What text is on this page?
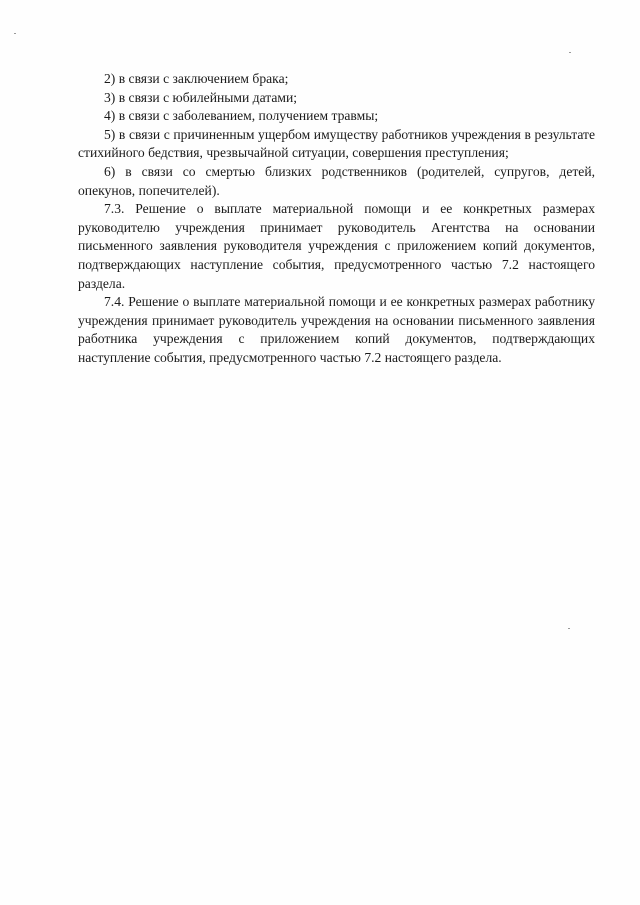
2) в связи с заключением брака;

3) в связи с юбилейными датами;

4) в связи с заболеванием, получением травмы;

5) в связи с причиненным ущербом имуществу работников учреждения в результате стихийного бедствия, чрезвычайной ситуации, совершения преступления;

6) в связи со смертью близких родственников (родителей, супругов, детей, опекунов, попечителей).

7.3. Решение о выплате материальной помощи и ее конкретных размерах руководителю учреждения принимает руководитель Агентства на основании письменного заявления руководителя учреждения с приложением копий документов, подтверждающих наступление события, предусмотренного частью 7.2 настоящего раздела.

7.4. Решение о выплате материальной помощи и ее конкретных размерах работнику учреждения принимает руководитель учреждения на основании письменного заявления работника учреждения с приложением копий документов, подтверждающих наступление события, предусмотренного частью 7.2 настоящего раздела.
